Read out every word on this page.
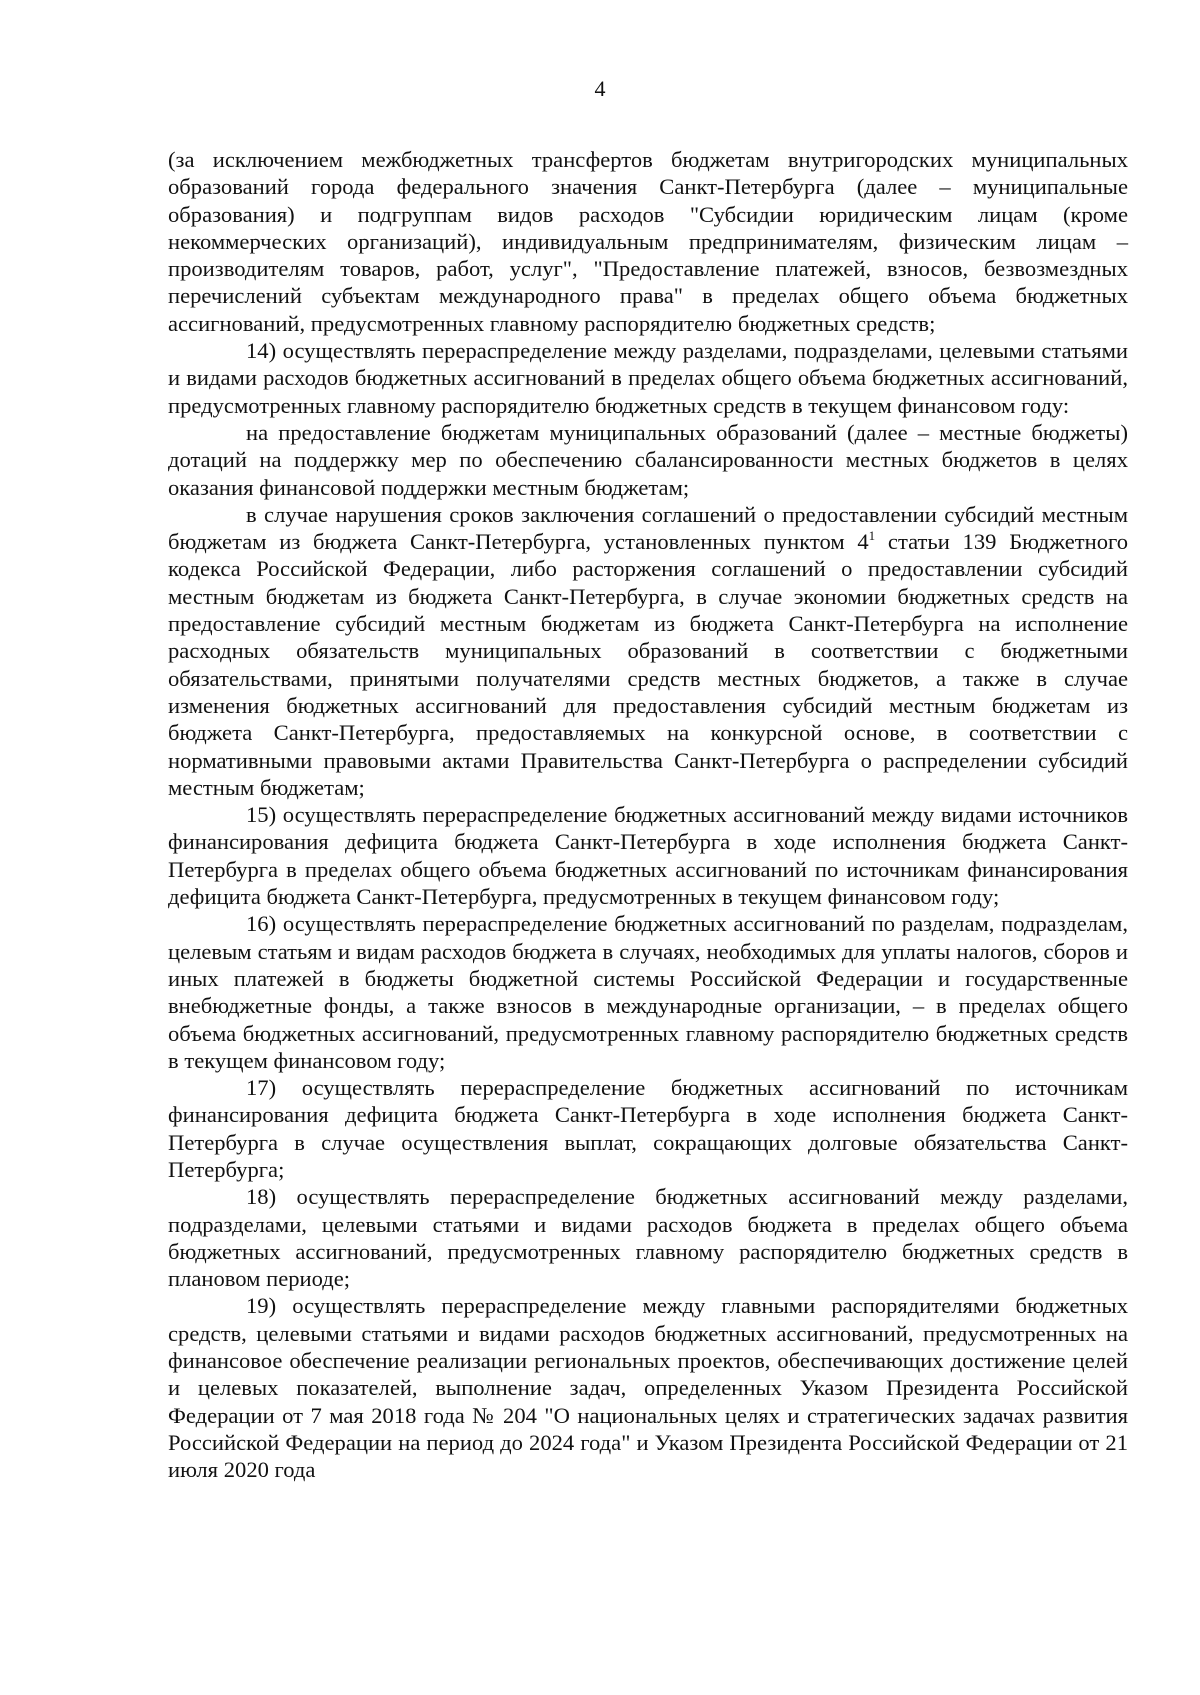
4

(за исключением межбюджетных трансфертов бюджетам внутригородских муниципальных образований города федерального значения Санкт-Петербурга (далее – муниципальные образования) и подгруппам видов расходов "Субсидии юридическим лицам (кроме некоммерческих организаций), индивидуальным предпринимателям, физическим лицам – производителям товаров, работ, услуг", "Предоставление платежей, взносов, безвозмездных перечислений субъектам международного права" в пределах общего объема бюджетных ассигнований, предусмотренных главному распорядителю бюджетных средств;

14) осуществлять перераспределение между разделами, подразделами, целевыми статьями и видами расходов бюджетных ассигнований в пределах общего объема бюджетных ассигнований, предусмотренных главному распорядителю бюджетных средств в текущем финансовом году:

на предоставление бюджетам муниципальных образований (далее – местные бюджеты) дотаций на поддержку мер по обеспечению сбалансированности местных бюджетов в целях оказания финансовой поддержки местным бюджетам;

в случае нарушения сроков заключения соглашений о предоставлении субсидий местным бюджетам из бюджета Санкт-Петербурга, установленных пунктом $4^1$ статьи 139 Бюджетного кодекса Российской Федерации, либо расторжения соглашений о предоставлении субсидий местным бюджетам из бюджета Санкт-Петербурга, в случае экономии бюджетных средств на предоставление субсидий местным бюджетам из бюджета Санкт-Петербурга на исполнение расходных обязательств муниципальных образований в соответствии с бюджетными обязательствами, принятыми получателями средств местных бюджетов, а также в случае изменения бюджетных ассигнований для предоставления субсидий местным бюджетам из бюджета Санкт-Петербурга, предоставляемых на конкурсной основе, в соответствии с нормативными правовыми актами Правительства Санкт-Петербурга о распределении субсидий местным бюджетам;

15) осуществлять перераспределение бюджетных ассигнований между видами источников финансирования дефицита бюджета Санкт-Петербурга в ходе исполнения бюджета Санкт-Петербурга в пределах общего объема бюджетных ассигнований по источникам финансирования дефицита бюджета Санкт-Петербурга, предусмотренных в текущем финансовом году;

16) осуществлять перераспределение бюджетных ассигнований по разделам, подразделам, целевым статьям и видам расходов бюджета в случаях, необходимых для уплаты налогов, сборов и иных платежей в бюджеты бюджетной системы Российской Федерации и государственные внебюджетные фонды, а также взносов в международные организации, – в пределах общего объема бюджетных ассигнований, предусмотренных главному распорядителю бюджетных средств в текущем финансовом году;

17) осуществлять перераспределение бюджетных ассигнований по источникам финансирования дефицита бюджета Санкт-Петербурга в ходе исполнения бюджета Санкт-Петербурга в случае осуществления выплат, сокращающих долговые обязательства Санкт-Петербурга;

18) осуществлять перераспределение бюджетных ассигнований между разделами, подразделами, целевыми статьями и видами расходов бюджета в пределах общего объема бюджетных ассигнований, предусмотренных главному распорядителю бюджетных средств в плановом периоде;

19) осуществлять перераспределение между главными распорядителями бюджетных средств, целевыми статьями и видами расходов бюджетных ассигнований, предусмотренных на финансовое обеспечение реализации региональных проектов, обеспечивающих достижение целей и целевых показателей, выполнение задач, определенных Указом Президента Российской Федерации от 7 мая 2018 года № 204 "О национальных целях и стратегических задачах развития Российской Федерации на период до 2024 года" и Указом Президента Российской Федерации от 21 июля 2020 года
